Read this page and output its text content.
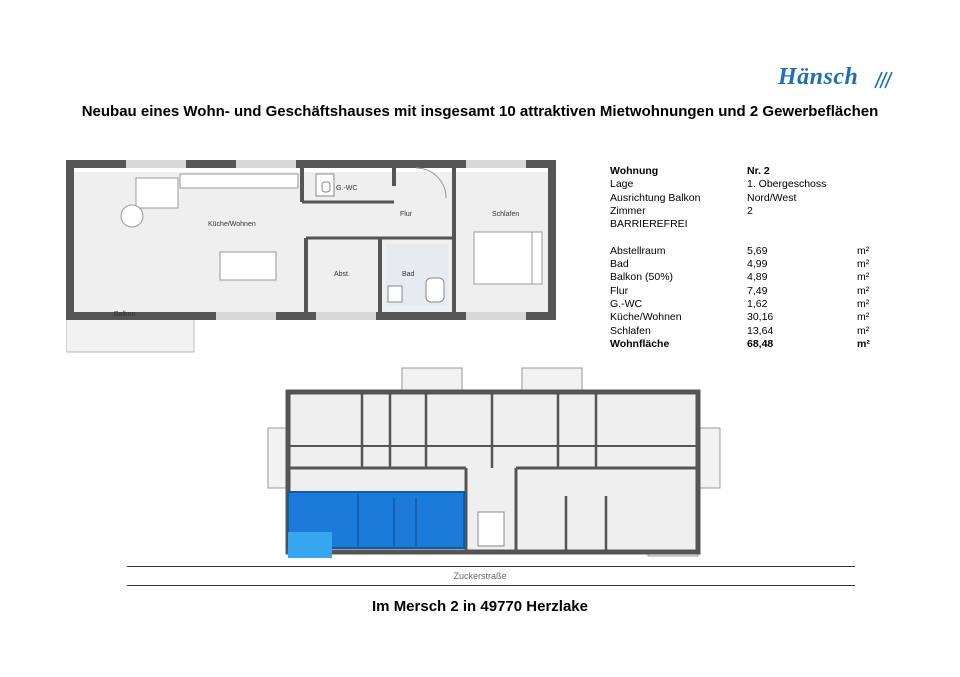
Hänsch
Neubau eines Wohn- und Geschäftshauses mit insgesamt 10 attraktiven Mietwohnungen und 2 Gewerbeflächen
Küche/Wohnen
G.-WC
Flur	Schlafen
Abst.	Bad
Balkon
Wohnung	Nr. 2
Lage	1. Obergeschoss
Ausrichtung Balkon	Nord/West
Zimmer	2
BARRIEREFREI
Abstellraum	5,69	m²
Bad	4,99	m²
Balkon (50%)	4,89	m²
Flur	7,49	m²
G.-WC	1,62	m²
Küche/Wohnen	30,16	m²
Schlafen	13,64	m²
Wohnfläche	68,48	m²
Zuckerstraße
Im Mersch 2 in 49770 Herzlake
